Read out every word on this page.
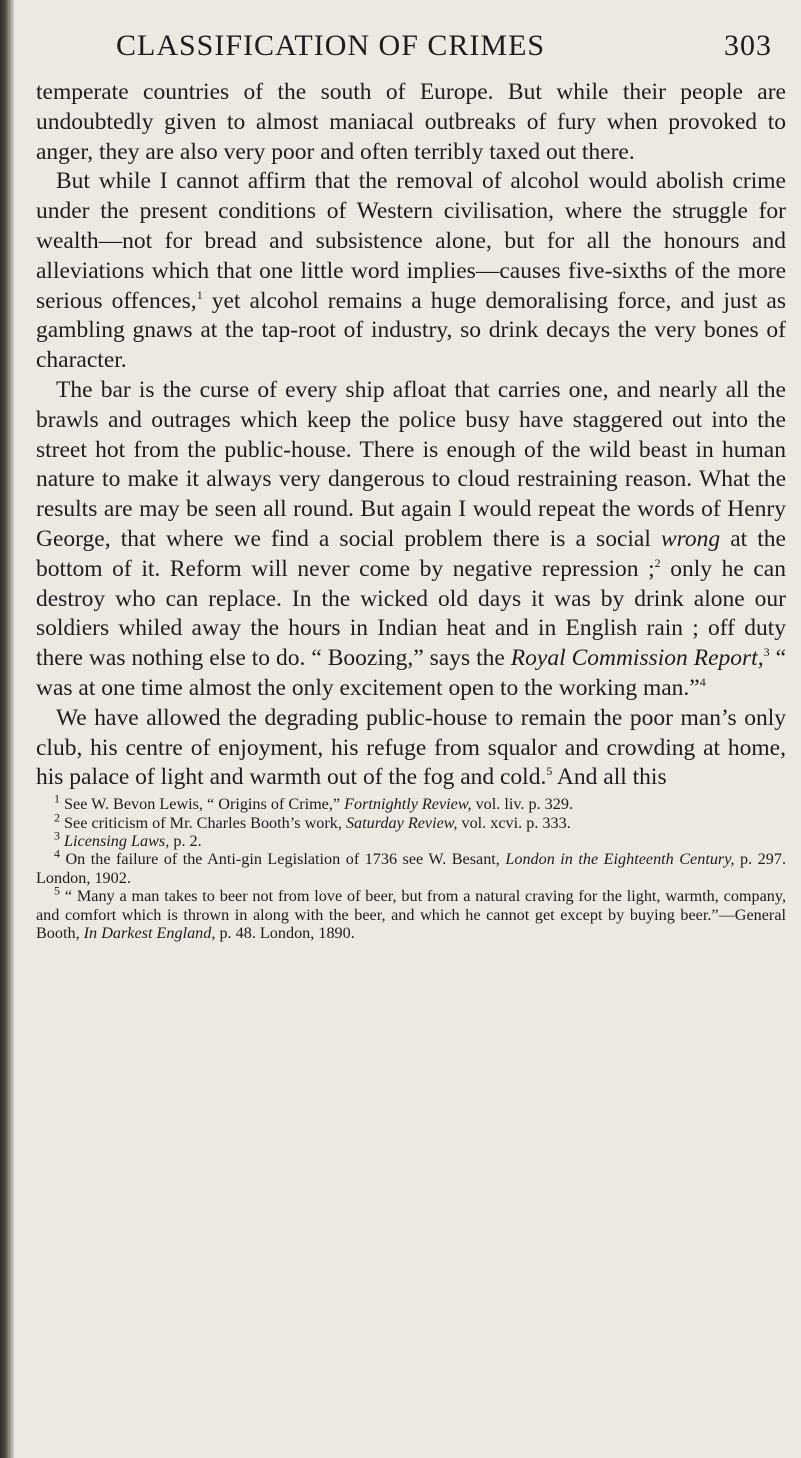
CLASSIFICATION OF CRIMES	303

temperate countries of the south of Europe. But while their people are undoubtedly given to almost maniacal outbreaks of fury when provoked to anger, they are also very poor and often terribly taxed out there.

But while I cannot affirm that the removal of alcohol would abolish crime under the present conditions of Western civilisation, where the struggle for wealth—not for bread and subsistence alone, but for all the honours and alleviations which that one little word implies—causes five-sixths of the more serious offences,$^1$ yet alcohol remains a huge demoralising force, and just as gambling gnaws at the tap-root of industry, so drink decays the very bones of character.

The bar is the curse of every ship afloat that carries one, and nearly all the brawls and outrages which keep the police busy have staggered out into the street hot from the public-house. There is enough of the wild beast in human nature to make it always very dangerous to cloud restraining reason. What the results are may be seen all round. But again I would repeat the words of Henry George, that where we find a social problem there is a social wrong at the bottom of it. Reform will never come by negative repression ;$^2$ only he can destroy who can replace. In the wicked old days it was by drink alone our soldiers whiled away the hours in Indian heat and in English rain ; off duty there was nothing else to do. “ Boozing,” says the Royal Commission Report,$^3$ “ was at one time almost the only excitement open to the working man.”$^4$

We have allowed the degrading public-house to remain the poor man’s only club, his centre of enjoyment, his refuge from squalor and crowding at home, his palace of light and warmth out of the fog and cold.$^5$ And all this

$^1$ See W. Bevon Lewis, “ Origins of Crime,” Fortnightly Review, vol. liv. p. 329.

$^2$ See criticism of Mr. Charles Booth’s work, Saturday Review, vol. xcvi. p. 333.

$^3$ Licensing Laws, p. 2.

$^4$ On the failure of the Anti-gin Legislation of 1736 see W. Besant, London in the Eighteenth Century, p. 297. London, 1902.

$^5$ “ Many a man takes to beer not from love of beer, but from a natural craving for the light, warmth, company, and comfort which is thrown in along with the beer, and which he cannot get except by buying beer.”—General Booth, In Darkest England, p. 48. London, 1890.
